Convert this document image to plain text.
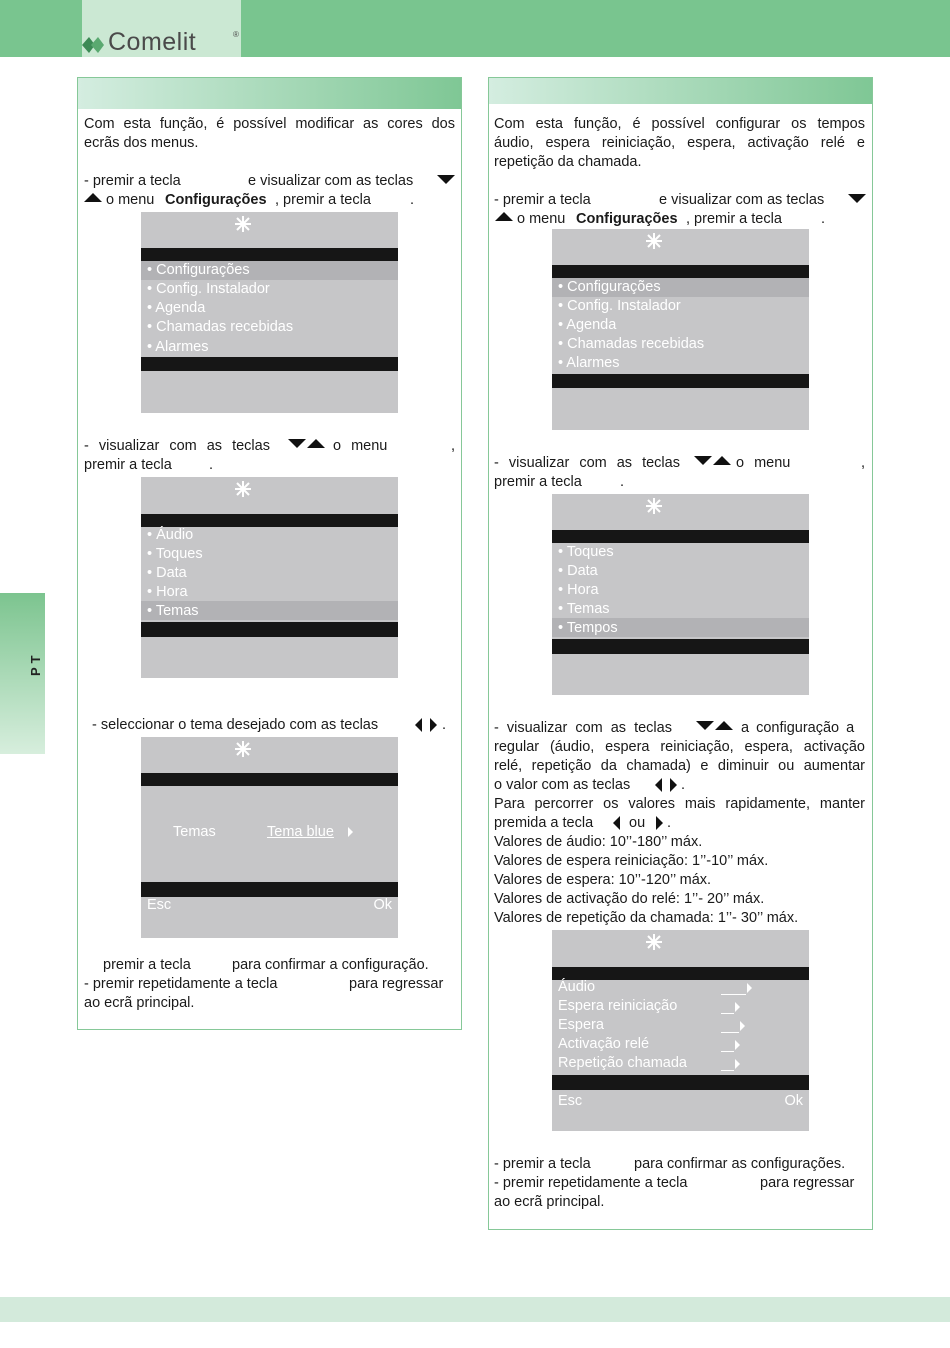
Comelit	®
PT
Com esta função, é possível modificar as cores dos
ecrãs dos menus.
- premir a tecla	e visualizar com as teclas
o menu Configurações , premir a tecla	.
• Configurações
• Config. Instalador
• Agenda
• Chamadas recebidas
• Alarmes
- visualizar com as teclas	o menu	,
premir a tecla	.
• Áudio
• Toques
• Data
• Hora
• Temas
- seleccionar o tema desejado com as teclas	.
Temas	Tema blue
Esc	Ok
premir a tecla	para confirmar a configuração.
- premir repetidamente a tecla	para regressar
ao ecrã principal.
Com esta função, é possível configurar os tempos
áudio, espera reiniciação, espera, activação relé e
repetição da chamada.
- premir a tecla	e visualizar com as teclas
o menu Configurações , premir a tecla	.
• Configurações
• Config. Instalador
• Agenda
• Chamadas recebidas
• Alarmes
- visualizar com as teclas	o menu	,
premir a tecla	.
• Toques
• Data
• Hora
• Temas
• Tempos
- visualizar com as teclas	a configuração a
regular (áudio, espera reiniciação, espera, activação
relé, repetição da chamada) e diminuir ou aumentar
o valor com as teclas	.
Para percorrer os valores mais rapidamente, manter
premida a tecla ou .
Valores de áudio: 10’’-180’’ máx.
Valores de espera reiniciação: 1’’-10’’ máx.
Valores de espera: 10’’-120’’ máx.
Valores de activação do relé: 1’’- 20’’ máx.
Valores de repetição da chamada: 1’’- 30’’ máx.
Áudio
Espera reiniciação
Espera
Activação relé
Repetição chamada
Esc	Ok
- premir a tecla	para confirmar as configurações.
- premir repetidamente a tecla	para regressar
ao ecrã principal.
